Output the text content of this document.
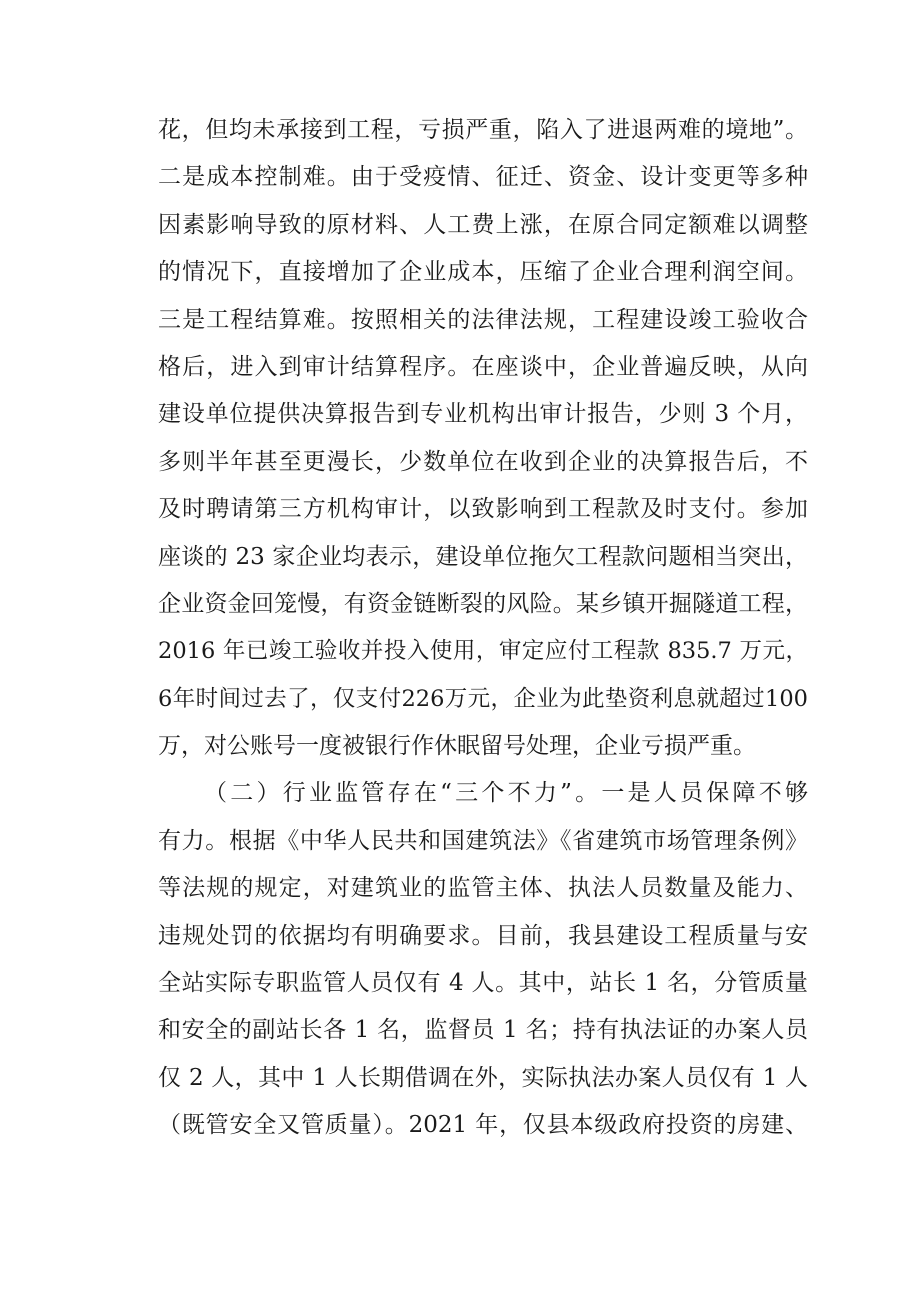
花，但均未承接到工程，亏损严重，陷入了进退两难的境地”。
二是成本控制难。由于受疫情、征迁、资金、设计变更等多种
因素影响导致的原材料、人工费上涨，在原合同定额难以调整
的情况下，直接增加了企业成本，压缩了企业合理利润空间。
三是工程结算难。按照相关的法律法规，工程建设竣工验收合
格后，进入到审计结算程序。在座谈中，企业普遍反映，从向
建设单位提供决算报告到专业机构出审计报告，少则 3 个月，
多则半年甚至更漫长，少数单位在收到企业的决算报告后，不
及时聘请第三方机构审计，以致影响到工程款及时支付。参加
座谈的 23 家企业均表示，建设单位拖欠工程款问题相当突出，
企业资金回笼慢，有资金链断裂的风险。某乡镇开掘隧道工程，
2016 年已竣工验收并投入使用，审定应付工程款 835.7 万元，
6年时间过去了，仅支付226万元，企业为此垫资利息就超过100
万，对公账号一度被银行作休眠留号处理，企业亏损严重。
（二）行业监管存在“三个不力”。一是人员保障不够
有力。根据《中华人民共和国建筑法》《省建筑市场管理条例》
等法规的规定，对建筑业的监管主体、执法人员数量及能力、
违规处罚的依据均有明确要求。目前，我县建设工程质量与安
全站实际专职监管人员仅有 4 人。其中，站长 1 名，分管质量
和安全的副站长各 1 名，监督员 1 名；持有执法证的办案人员
仅 2 人，其中 1 人长期借调在外，实际执法办案人员仅有 1 人
（既管安全又管质量）。2021 年，仅县本级政府投资的房建、
